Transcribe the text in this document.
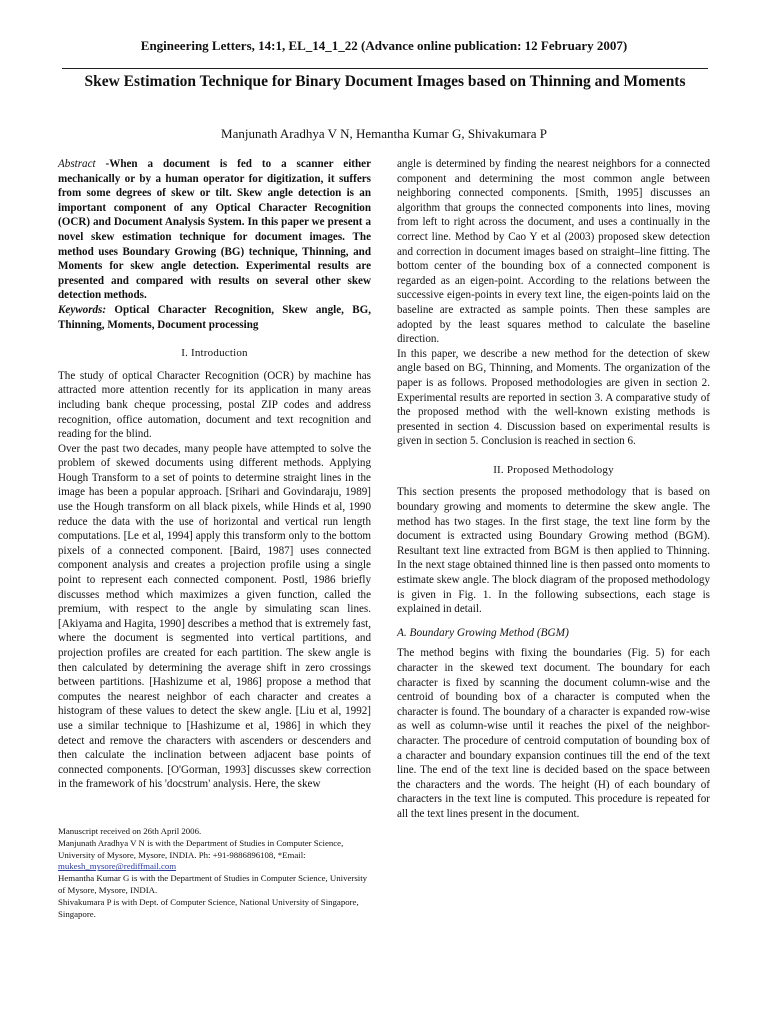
Engineering Letters, 14:1, EL_14_1_22 (Advance online publication: 12 February 2007)
Skew Estimation Technique for Binary Document Images based on Thinning and Moments
Manjunath Aradhya V N, Hemantha Kumar G, Shivakumara P

Abstract -When a document is fed to a scanner either mechanically or by a human operator for digitization, it suffers from some degrees of skew or tilt. Skew angle detection is an important component of any Optical Character Recognition (OCR) and Document Analysis System. In this paper we present a novel skew estimation technique for document images. The method uses Boundary Growing (BG) technique, Thinning, and Moments for skew angle detection. Experimental results are presented and compared with results on several other skew detection methods.

Keywords: Optical Character Recognition, Skew angle, BG, Thinning, Moments, Document processing

I. Introduction

The study of optical Character Recognition (OCR) by machine has attracted more attention recently for its application in many areas including bank cheque processing, postal ZIP codes and address recognition, office automation, document and text recognition and reading for the blind.

Over the past two decades, many people have attempted to solve the problem of skewed documents using different methods. Applying Hough Transform to a set of points to determine straight lines in the image has been a popular approach. [Srihari and Govindaraju, 1989] use the Hough transform on all black pixels, while Hinds et al, 1990 reduce the data with the use of horizontal and vertical run length computations. [Le et al, 1994] apply this transform only to the bottom pixels of a connected component. [Baird, 1987] uses connected component analysis and creates a projection profile using a single point to represent each connected component. Postl, 1986 briefly discusses method which maximizes a given function, called the premium, with respect to the angle by simulating scan lines. [Akiyama and Hagita, 1990] describes a method that is extremely fast, where the document is segmented into vertical partitions, and projection profiles are created for each partition. The skew angle is then calculated by determining the average shift in zero crossings between partitions. [Hashizume et al, 1986] propose a method that computes the nearest neighbor of each character and creates a histogram of these values to detect the skew angle. [Liu et al, 1992] use a similar technique to [Hashizume et al, 1986] in which they detect and remove the characters with ascenders or descenders and then calculate the inclination between adjacent base points of connected components. [O'Gorman, 1993] discusses skew correction in the framework of his 'docstrum' analysis. Here, the skew

Manuscript received on 26th April 2006.

Manjunath Aradhya V N is with the Department of Studies in Computer Science, University of Mysore, Mysore, INDIA. Ph: +91-9886896108, *Email: mukesh_mysore@rediffmail.com

Hemantha Kumar G is with the Department of Studies in Computer Science, University of Mysore, Mysore, INDIA.

Shivakumara P is with Dept. of Computer Science, National University of Singapore, Singapore.

angle is determined by finding the nearest neighbors for a connected component and determining the most common angle between neighboring connected components. [Smith, 1995] discusses an algorithm that groups the connected components into lines, moving from left to right across the document, and uses a continually in the correct line. Method by Cao Y et al (2003) proposed skew detection and correction in document images based on straight–line fitting. The bottom center of the bounding box of a connected component is regarded as an eigen-point. According to the relations between the successive eigen-points in every text line, the eigen-points laid on the baseline are extracted as sample points. Then these samples are adopted by the least squares method to calculate the baseline direction.

In this paper, we describe a new method for the detection of skew angle based on BG, Thinning, and Moments. The organization of the paper is as follows. Proposed methodologies are given in section 2. Experimental results are reported in section 3. A comparative study of the proposed method with the well-known existing methods is presented in section 4. Discussion based on experimental results is given in section 5. Conclusion is reached in section 6.

II. Proposed Methodology

This section presents the proposed methodology that is based on boundary growing and moments to determine the skew angle. The method has two stages. In the first stage, the text line form by the document is extracted using Boundary Growing method (BGM). Resultant text line extracted from BGM is then applied to Thinning. In the next stage obtained thinned line is then passed onto moments to estimate skew angle. The block diagram of the proposed methodology is given in Fig. 1. In the following subsections, each stage is explained in detail.

A. Boundary Growing Method (BGM)

The method begins with fixing the boundaries (Fig. 5) for each character in the skewed text document. The boundary for each character is fixed by scanning the document column-wise and the centroid of bounding box of a character is computed when the character is found. The boundary of a character is expanded row-wise as well as column-wise until it reaches the pixel of the neighbor-character. The procedure of centroid computation of bounding box of a character and boundary expansion continues till the end of the text line. The end of the text line is decided based on the space between the characters and the words. The height (H) of each boundary of characters in the text line is computed. This procedure is repeated for all the text lines present in the document.
